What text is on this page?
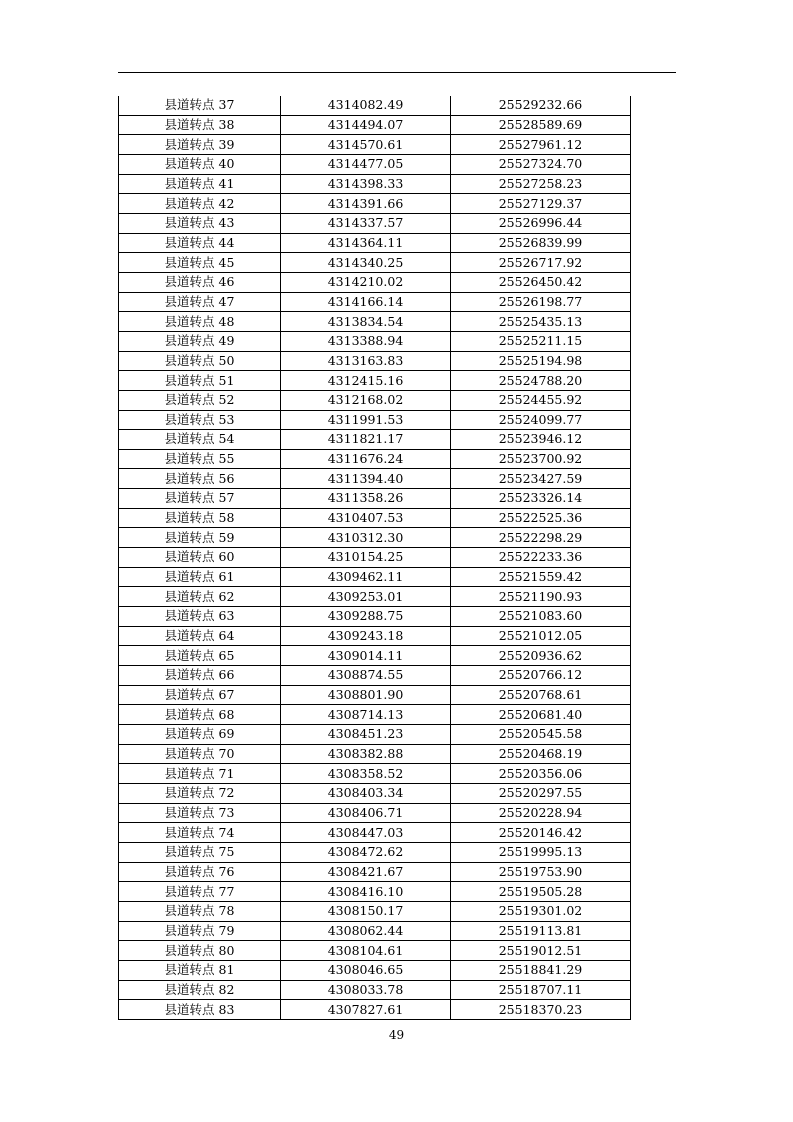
县道转点 37	4314082.49	25529232.66
县道转点 38	4314494.07	25528589.69
县道转点 39	4314570.61	25527961.12
县道转点 40	4314477.05	25527324.70
县道转点 41	4314398.33	25527258.23
县道转点 42	4314391.66	25527129.37
县道转点 43	4314337.57	25526996.44
县道转点 44	4314364.11	25526839.99
县道转点 45	4314340.25	25526717.92
县道转点 46	4314210.02	25526450.42
县道转点 47	4314166.14	25526198.77
县道转点 48	4313834.54	25525435.13
县道转点 49	4313388.94	25525211.15
县道转点 50	4313163.83	25525194.98
县道转点 51	4312415.16	25524788.20
县道转点 52	4312168.02	25524455.92
县道转点 53	4311991.53	25524099.77
县道转点 54	4311821.17	25523946.12
县道转点 55	4311676.24	25523700.92
县道转点 56	4311394.40	25523427.59
县道转点 57	4311358.26	25523326.14
县道转点 58	4310407.53	25522525.36
县道转点 59	4310312.30	25522298.29
县道转点 60	4310154.25	25522233.36
县道转点 61	4309462.11	25521559.42
县道转点 62	4309253.01	25521190.93
县道转点 63	4309288.75	25521083.60
县道转点 64	4309243.18	25521012.05
县道转点 65	4309014.11	25520936.62
县道转点 66	4308874.55	25520766.12
县道转点 67	4308801.90	25520768.61
县道转点 68	4308714.13	25520681.40
县道转点 69	4308451.23	25520545.58
县道转点 70	4308382.88	25520468.19
县道转点 71	4308358.52	25520356.06
县道转点 72	4308403.34	25520297.55
县道转点 73	4308406.71	25520228.94
县道转点 74	4308447.03	25520146.42
县道转点 75	4308472.62	25519995.13
县道转点 76	4308421.67	25519753.90
县道转点 77	4308416.10	25519505.28
县道转点 78	4308150.17	25519301.02
县道转点 79	4308062.44	25519113.81
县道转点 80	4308104.61	25519012.51
县道转点 81	4308046.65	25518841.29
县道转点 82	4308033.78	25518707.11
县道转点 83	4307827.61	25518370.23
49
